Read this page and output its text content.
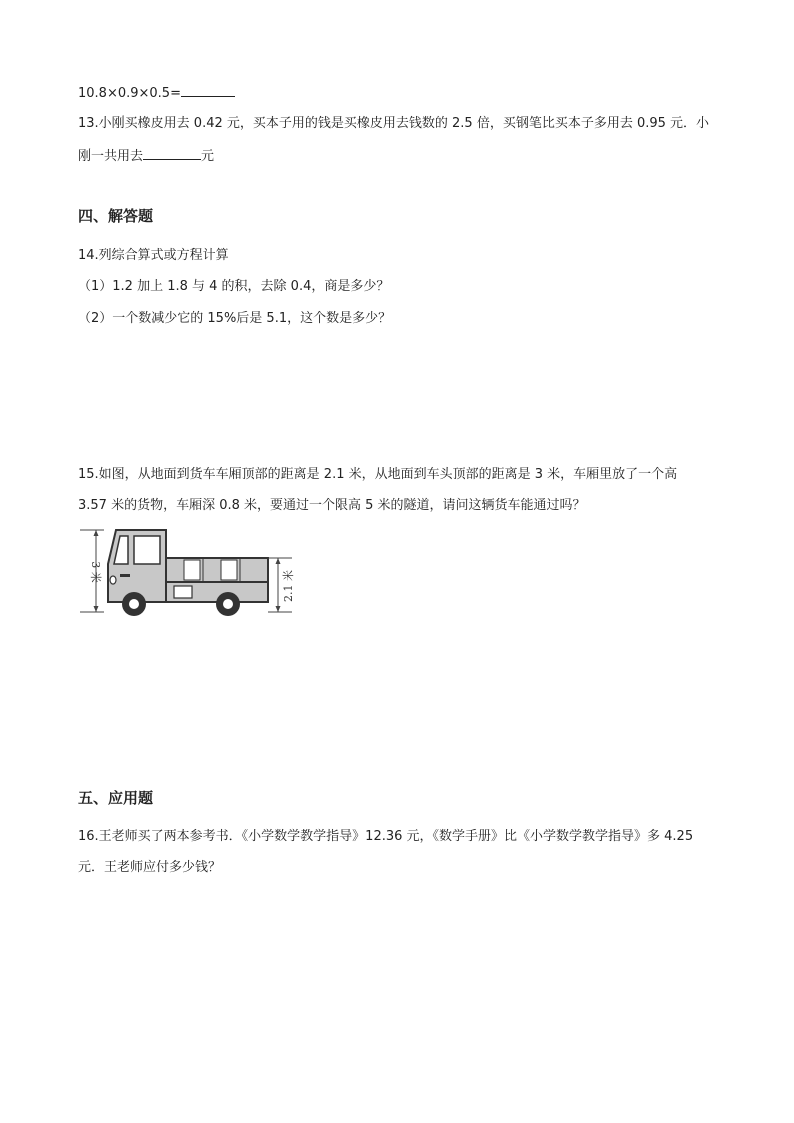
10.8×0.9×0.5=
13.小刚买橡皮用去 0.42 元，买本子用的钱是买橡皮用去钱数的 2.5 倍，买钢笔比买本子多用去 0.95 元．小
刚一共用去	元
四、解答题
14.列综合算式或方程计算
（1）1.2 加上 1.8 与 4 的积，去除 0.4，商是多少？
（2）一个数减少它的 15%后是 5.1，这个数是多少？
15.如图，从地面到货车车厢顶部的距离是 2.1 米，从地面到车头顶部的距离是 3 米，车厢里放了一个高
3.57 米的货物，车厢深 0.8 米，要通过一个限高 5 米的隧道，请问这辆货车能通过吗？
3 米	2.1 米
五、应用题
16.王老师买了两本参考书．《小学数学教学指导》12.36 元，《数学手册》比《小学数学教学指导》多 4.25
元．王老师应付多少钱？
